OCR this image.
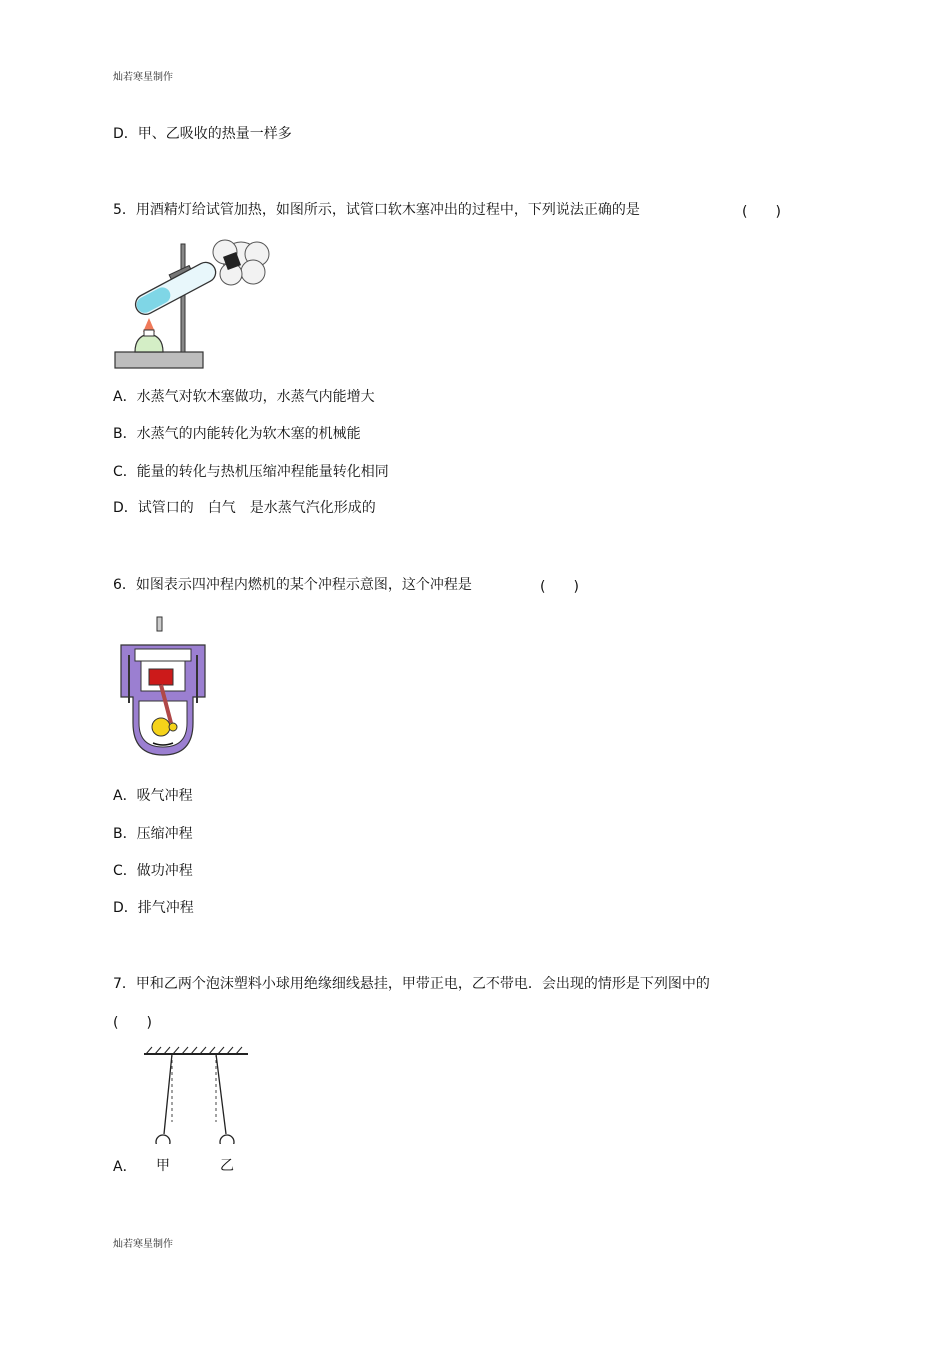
灿若寒星制作
D．甲、乙吸收的热量一样多
5．用酒精灯给试管加热，如图所示，试管口软木塞冲出的过程中，下列说法正确的是	(　　)
A．水蒸气对软木塞做功，水蒸气内能增大
B．水蒸气的内能转化为软木塞的机械能
C．能量的转化与热机压缩冲程能量转化相同
D．试管口的　白气　是水蒸气汽化形成的
6．如图表示四冲程内燃机的某个冲程示意图，这个冲程是	(　　)
A．吸气冲程
B．压缩冲程
C．做功冲程
D．排气冲程
7．甲和乙两个泡沫塑料小球用绝缘细线悬挂，甲带正电，乙不带电．会出现的情形是下列图中的
(　　)
A． 甲	乙
灿若寒星制作
